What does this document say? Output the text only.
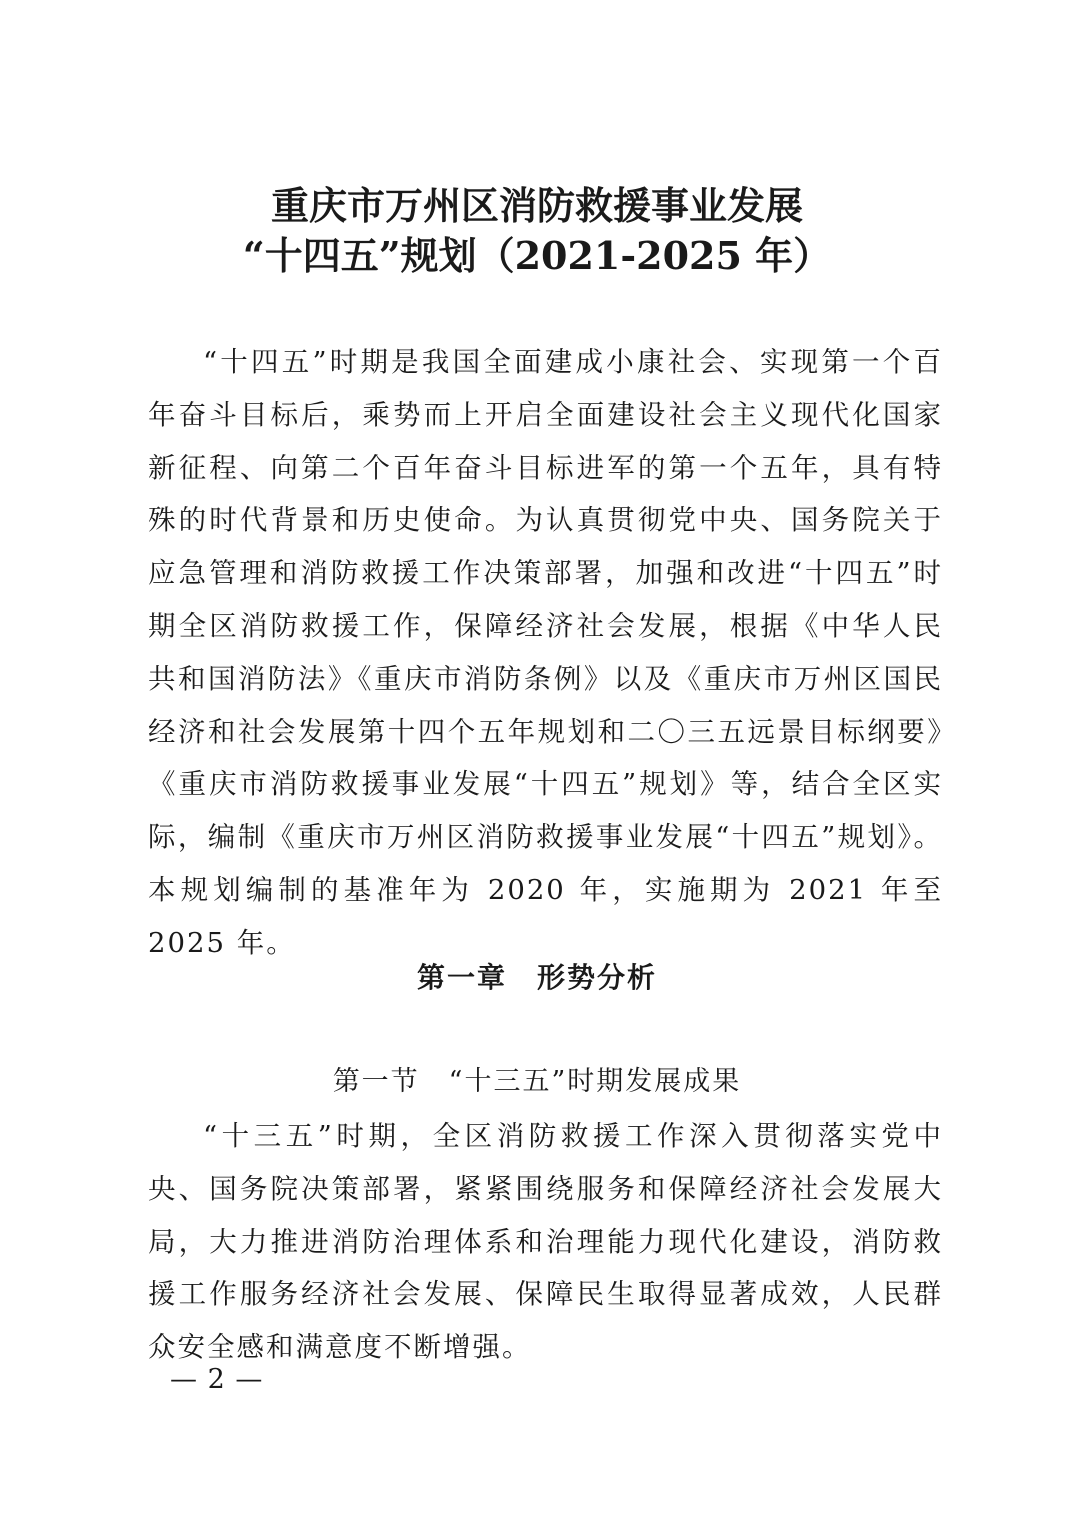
重庆市万州区消防救援事业发展
“十四五”规划（2021-2025 年）

“十四五”时期是我国全面建成小康社会、实现第一个百年奋斗目标后，乘势而上开启全面建设社会主义现代化国家新征程、向第二个百年奋斗目标进军的第一个五年，具有特殊的时代背景和历史使命。为认真贯彻党中央、国务院关于应急管理和消防救援工作决策部署，加强和改进“十四五”时期全区消防救援工作，保障经济社会发展，根据《中华人民共和国消防法》《重庆市消防条例》以及《重庆市万州区国民经济和社会发展第十四个五年规划和二〇三五远景目标纲要》《重庆市消防救援事业发展“十四五”规划》等，结合全区实际，编制《重庆市万州区消防救援事业发展“十四五”规划》。本规划编制的基准年为 2020 年，实施期为 2021 年至 2025 年。

第一章　形势分析
第一节　“十三五”时期发展成果

“十三五”时期，全区消防救援工作深入贯彻落实党中央、国务院决策部署，紧紧围绕服务和保障经济社会发展大局，大力推进消防治理体系和治理能力现代化建设，消防救援工作服务经济社会发展、保障民生取得显著成效，人民群众安全感和满意度不断增强。

— 2 —
